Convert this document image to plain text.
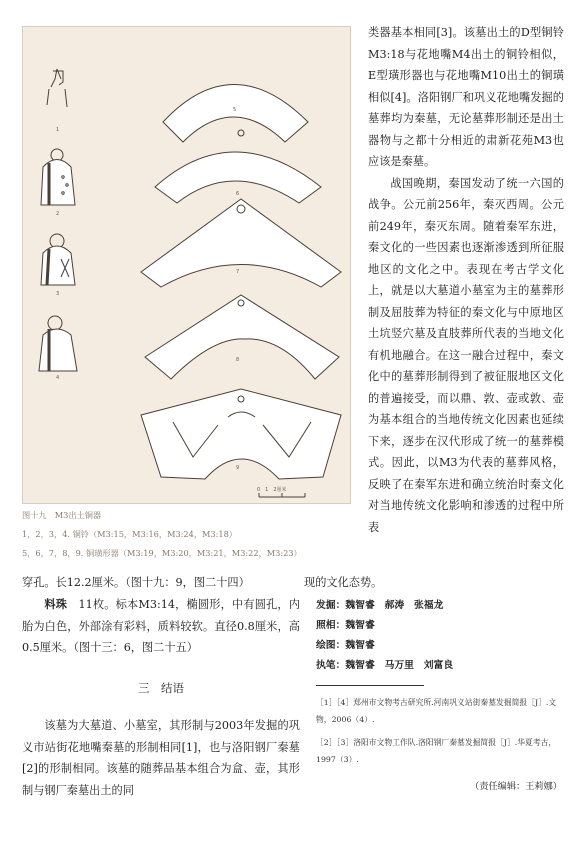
1
2
3
4
5
6
7
8
9
0　1　2厘米
图十九　M3出土铜器
1，2，3，4. 铜铃（M3:15，M3:16，M3:24，M3:18）
5，6，7，8，9. 铜璜形器（M3:19，M3:20，M3:21，M3:22，M3:23）

类器基本相同[3]。该墓出土的D型铜铃M3:18与花地嘴M4出土的铜铃相似，E型璜形器也与花地嘴M10出土的铜璜相似[4]。洛阳钢厂和巩义花地嘴发掘的墓葬均为秦墓，无论墓葬形制还是出土器物与之都十分相近的肃新花苑M3也应该是秦墓。

战国晚期，秦国发动了统一六国的战争。公元前256年，秦灭西周。公元前249年，秦灭东周。随着秦军东进，秦文化的一些因素也逐渐渗透到所征服地区的文化之中。表现在考古学文化上，就是以大墓道小墓室为主的墓葬形制及屈肢葬为特征的秦文化与中原地区土坑竖穴墓及直肢葬所代表的当地文化有机地融合。在这一融合过程中，秦文化中的墓葬形制得到了被征服地区文化的普遍接受，而以鼎、敦、壶或敦、壶为基本组合的当地传统文化因素也延续下来，逐步在汉代形成了统一的墓葬模式。因此，以M3为代表的墓葬风格，反映了在秦军东进和确立统治时秦文化对当地传统文化影响和渗透的过程中所表

现的文化态势。
穿孔。长12.2厘米。（图十九：9，图二十四）
料珠　11枚。标本M3:14，椭圆形，中有圆孔，内胎为白色，外部涂有彩料，质料较软。直径0.8厘米，高0.5厘米。（图十三：6，图二十五）
三　结语
该墓为大墓道、小墓室，其形制与2003年发掘的巩义市站街花地嘴秦墓的形制相同[1]，也与洛阳钢厂秦墓[2]的形制相同。该墓的随葬品基本组合为盒、壶，其形制与钢厂秦墓出土的同
发掘：魏智睿　郝涛　张福龙
照相：魏智睿
绘图：魏智睿
执笔：魏智睿　马万里　刘富良
［1］［4］郑州市文物考古研究所.河南巩义站街秦墓发掘简报［J］.文物，2006（4）.
［2］［3］洛阳市文物工作队.洛阳钢厂秦墓发掘简报［J］.华夏考古，1997（3）.
（责任编辑：王莉娜）
